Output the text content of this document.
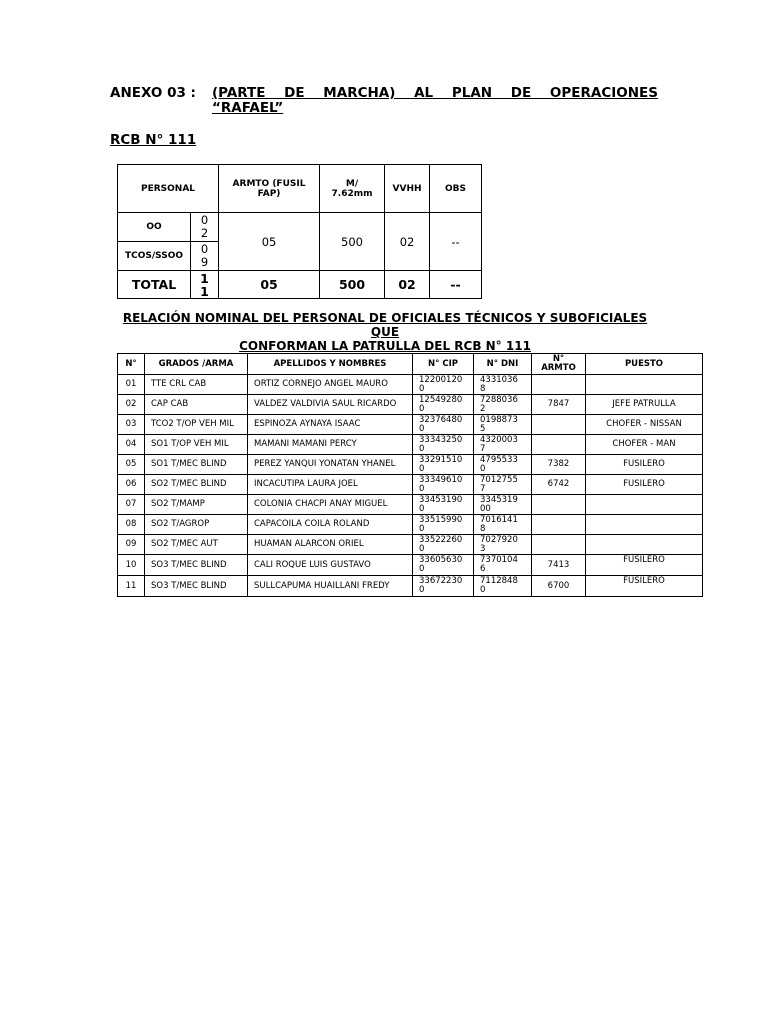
ANEXO 03 :	(PARTE DE MARCHA) AL PLAN DE OPERACIONES
“RAFAEL”
RCB N° 111
PERSONAL		ARMTO (FUSIL FAP)	M/ 7.62mm	VVHH	OBS
OO	02	05	500	02	--
TCOS/SSOO	09				

TOTAL	11	05	500	02	--
RELACIÓN NOMINAL DEL PERSONAL DE OFICIALES TÉCNICOS Y SUBOFICIALES QUE
CONFORMAN LA PATRULLA DEL RCB N° 111
N°	GRADOS /ARMA	APELLIDOS Y NOMBRES	N° CIP	N° DNI	N° ARMTO	PUESTO
01	TTE CRL CAB	ORTIZ CORNEJO ANGEL MAURO	122001200	43310368		

02	CAP CAB	VALDEZ VALDIVIA SAUL RICARDO	125492800	72880362	7847	JEFE PATRULLA
03	TCO2 T/OP VEH MIL	ESPINOZA AYNAYA ISAAC	323764800	01988735		CHOFER - NISSAN
04	SO1 T/OP VEH MIL	MAMANI MAMANI PERCY	333432500	43200037		CHOFER - MAN
05	SO1 T/MEC BLIND	PEREZ YANQUI YONATAN YHANEL	332915100	47955330	7382	FUSILERO
06	SO2 T/MEC BLIND	INCACUTIPA LAURA JOEL	333496100	70127557	6742	FUSILERO
07	SO2 T/MAMP	COLONIA CHACPI ANAY MIGUEL	334531900	334531900		

08	SO2 T/AGROP	CAPACOILA COILA ROLAND	335159900	70161418		

09	SO2 T/MEC AUT	HUAMAN ALARCON ORIEL	335222600	70279203		

10	SO3 T/MEC BLIND	CALI ROQUE LUIS GUSTAVO	336056300	73701046	7413	FUSILERO
11	SO3 T/MEC BLIND	SULLCAPUMA HUAILLANI FREDY	336722300	71128480	6700	FUSILERO
